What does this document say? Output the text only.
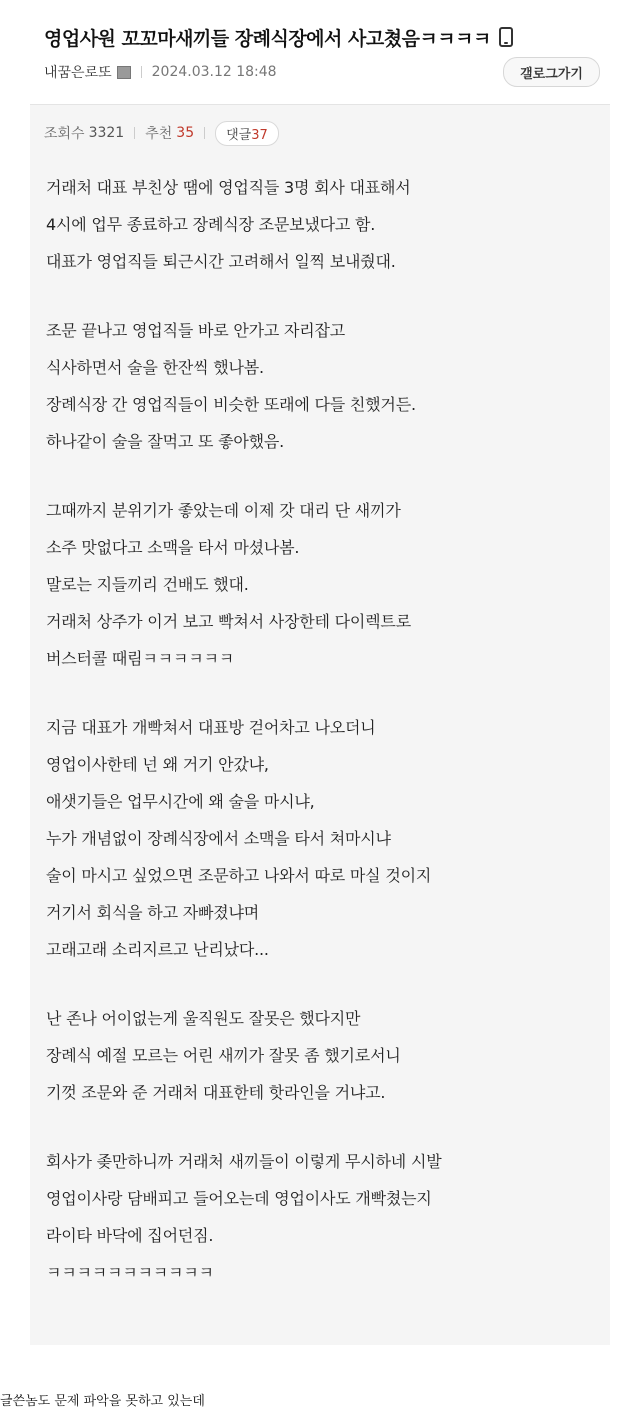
영업사원 꼬꼬마새끼들 장례식장에서 사고쳤음ㅋㅋㅋㅋ
내꿈은로또	2024.03.12 18:48	갤로그가기
조회수 3321 추천 35	댓글37
거래처 대표 부친상 땜에 영업직들 3명 회사 대표해서
4시에 업무 종료하고 장례식장 조문보냈다고 함.
대표가 영업직들 퇴근시간 고려해서 일찍 보내줬대.
조문 끝나고 영업직들 바로 안가고 자리잡고
식사하면서 술을 한잔씩 했나봄.
장례식장 간 영업직들이 비슷한 또래에 다들 친했거든.
하나같이 술을 잘먹고 또 좋아했음.
그때까지 분위기가 좋았는데 이제 갓 대리 단 새끼가
소주 맛없다고 소맥을 타서 마셨나봄.
말로는 지들끼리 건배도 했대.
거래처 상주가 이거 보고 빡쳐서 사장한테 다이렉트로
버스터콜 때림ㅋㅋㅋㅋㅋㅋ
지금 대표가 개빡쳐서 대표방 걷어차고 나오더니
영업이사한테 넌 왜 거기 안갔냐,
애샛기들은 업무시간에 왜 술을 마시냐,
누가 개념없이 장례식장에서 소맥을 타서 쳐마시냐
술이 마시고 싶었으면 조문하고 나와서 따로 마실 것이지
거기서 회식을 하고 자빠졌냐며
고래고래 소리지르고 난리났다...
난 존나 어이없는게 울직원도 잘못은 했다지만
장례식 예절 모르는 어린 새끼가 잘못 좀 했기로서니
기껏 조문와 준 거래처 대표한테 핫라인을 거냐고.
회사가 좆만하니까 거래처 새끼들이 이렇게 무시하네 시발
영업이사랑 담배피고 들어오는데 영업이사도 개빡쳤는지
라이타 바닥에 집어던짐.
ㅋㅋㅋㅋㅋㅋㅋㅋㅋㅋㅋ
글쓴놈도 문제 파악을 못하고 있는데
